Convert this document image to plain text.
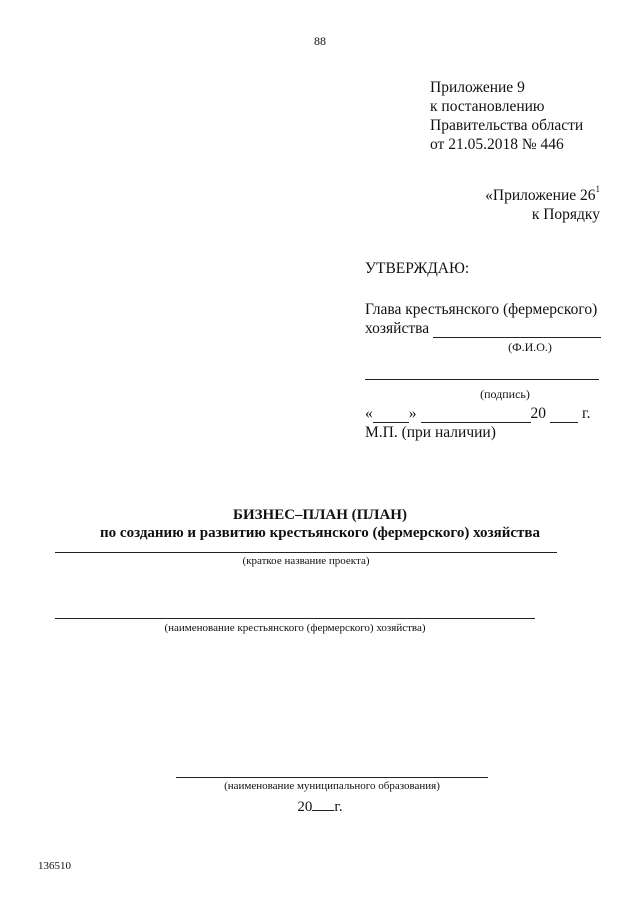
88
Приложение 9
к постановлению
Правительства области
от 21.05.2018 № 446
«Приложение $26^1$
к Порядку
УТВЕРЖДАЮ:
Глава крестьянского (фермерского)
хозяйства
(Ф.И.О.)
(подпись)
« »	20 г.
М.П. (при наличии)
БИЗНЕС–ПЛАН (ПЛАН)
по созданию и развитию крестьянского (фермерского) хозяйства
(краткое название проекта)
(наименование крестьянского (фермерского) хозяйства)
(наименование муниципального образования)
20 г.
136510
